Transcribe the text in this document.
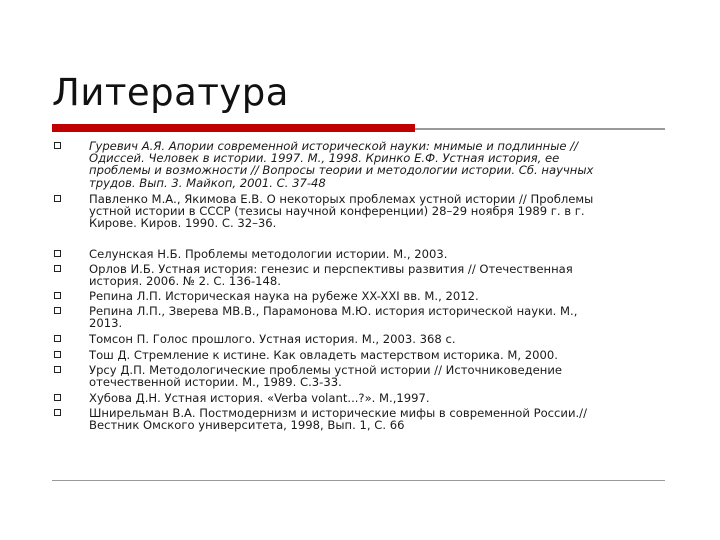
Литература
Гуревич А.Я. Апории современной исторической науки: мнимые и подлинные //
Одиссей. Человек в истории. 1997. М., 1998. Кринко Е.Ф. Устная история, ее
проблемы и возможности // Вопросы теории и методологии истории. Сб. научных
трудов. Вып. 3. Майкоп, 2001. С. 37-48
Павленко М.А., Якимова Е.В. О некоторых проблемах устной истории // Проблемы
устной истории в СССР (тезисы научной конференции) 28–29 ноября 1989 г. в г.
Кирове. Киров. 1990. С. 32–36.
Селунская Н.Б. Проблемы методологии истории. М., 2003.
Орлов И.Б. Устная история: генезис и перспективы развития // Отечественная
история. 2006. № 2. С. 136-148.
Репина Л.П. Историческая наука на рубеже XX-XXI вв. М., 2012.
Репина Л.П., Зверева МВ.В., Парамонова М.Ю. история исторической науки. М.,
2013.
Томсон П. Голос прошлого. Устная история. М., 2003. 368 с.
Тош Д. Стремление к истине. Как овладеть мастерством историка. М, 2000.
Урсу Д.П. Методологические проблемы устной истории // Источниковедение
отечественной истории. М., 1989. С.3-33.
Хубова Д.Н. Устная история. «Verba volant...?». М.,1997.
Шнирельман В.А. Постмодернизм и исторические мифы в современной России.//
Вестник Омского университета, 1998, Вып. 1, С. 66
